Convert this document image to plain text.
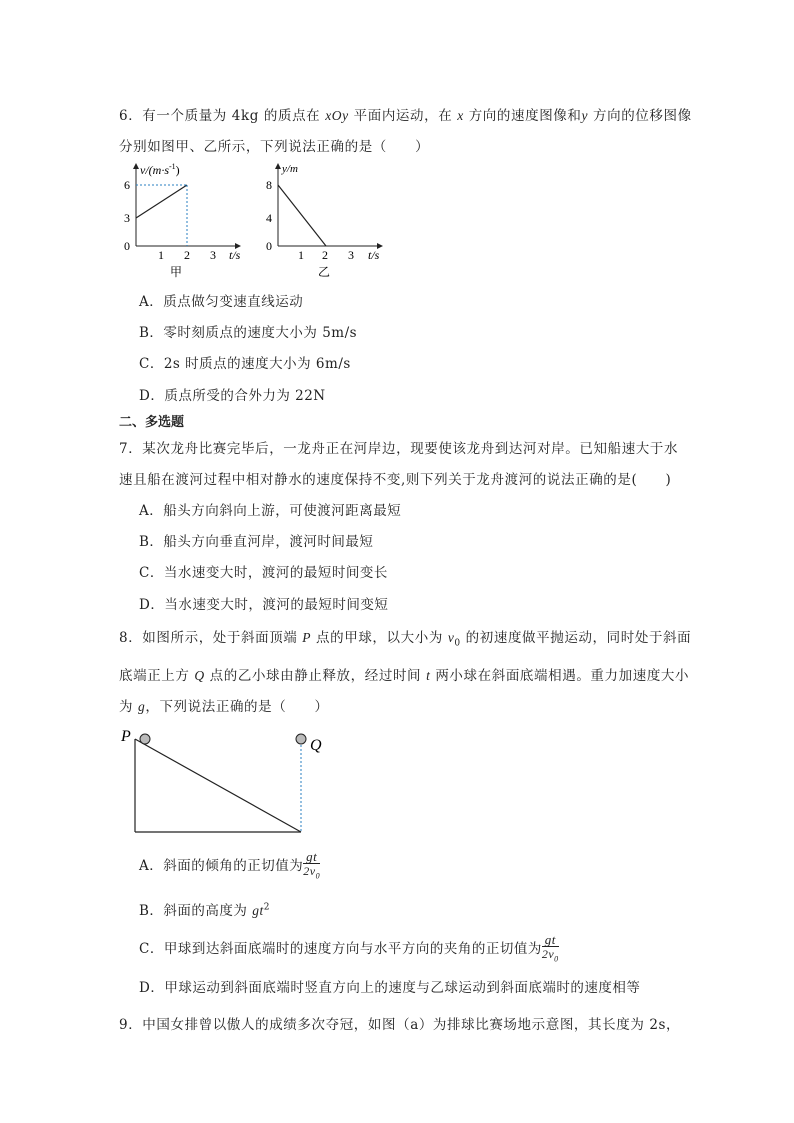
6．有一个质量为 4kg 的质点在 xOy 平面内运动，在 x 方向的速度图像和y 方向的位移图像
分别如图甲、乙所示，下列说法正确的是（　　）
$v/(m\cdot s^{-1})$
6
3
0
1 2 3 t/s
甲
y/m
8
4
0
1 2 3 t/s
乙
A．质点做匀变速直线运动
B．零时刻质点的速度大小为 5m/s
C．2s 时质点的速度大小为 6m/s
D．质点所受的合外力为 22N
二、多选题
7．某次龙舟比赛完毕后，一龙舟正在河岸边，现要使该龙舟到达河对岸。已知船速大于水
速且船在渡河过程中相对静水的速度保持不变,则下列关于龙舟渡河的说法正确的是(　　)
A．船头方向斜向上游，可使渡河距离最短
B．船头方向垂直河岸，渡河时间最短
C．当水速变大时，渡河的最短时间变长
D．当水速变大时，渡河的最短时间变短
8．如图所示，处于斜面顶端 P 点的甲球，以大小为 $v_0$ 的初速度做平抛运动，同时处于斜面
底端正上方 Q 点的乙小球由静止释放，经过时间 t 两小球在斜面底端相遇。重力加速度大小
为 g，下列说法正确的是（　　）
P
Q
A．斜面的倾角的正切值为 $\frac{gt}{2v_0}$
B．斜面的高度为 $gt^2$
C．甲球到达斜面底端时的速度方向与水平方向的夹角的正切值为 $\frac{gt}{2v_0}$
D．甲球运动到斜面底端时竖直方向上的速度与乙球运动到斜面底端时的速度相等
9．中国女排曾以傲人的成绩多次夺冠，如图（a）为排球比赛场地示意图，其长度为 2s，
